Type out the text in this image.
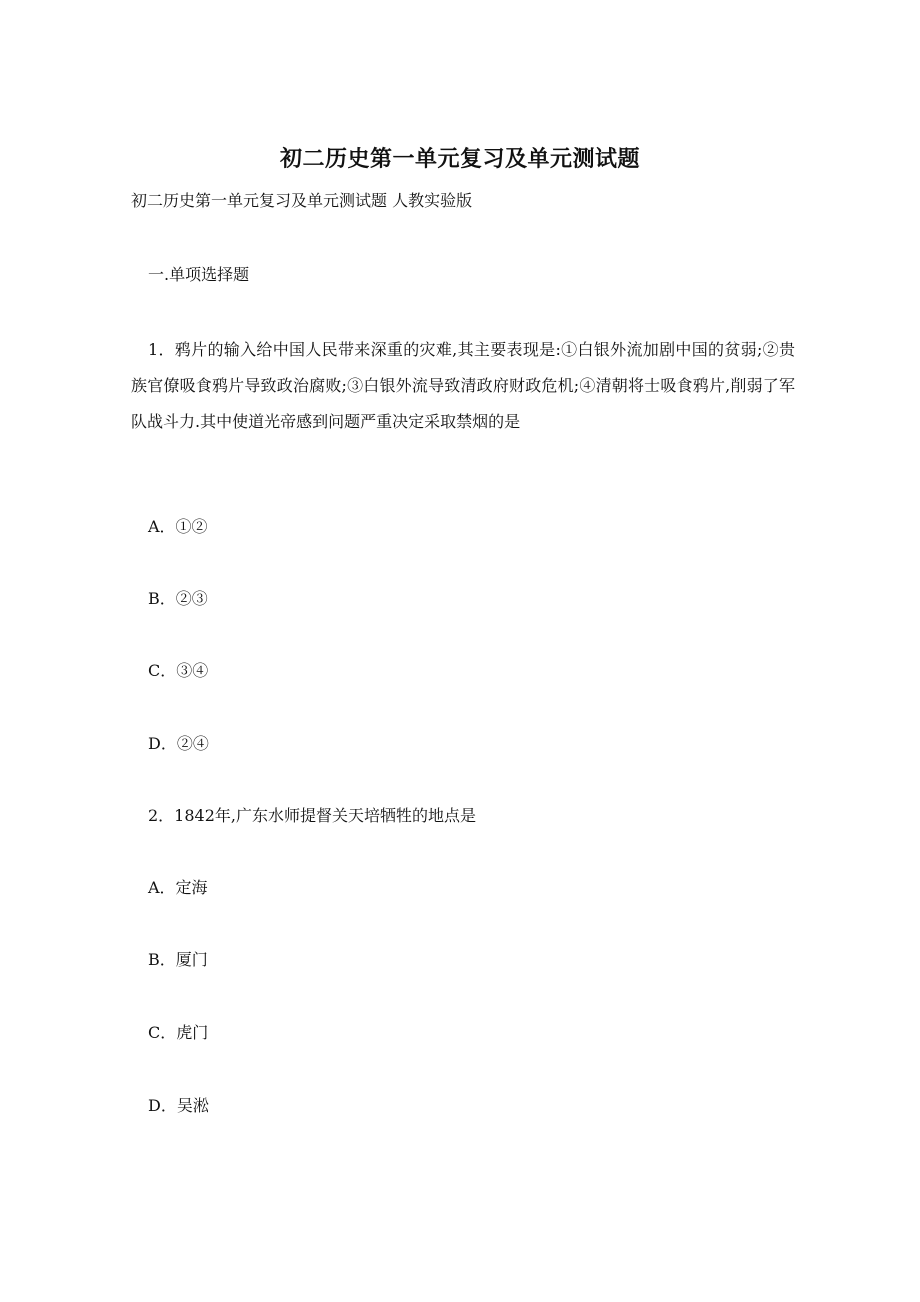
初二历史第一单元复习及单元测试题
初二历史第一单元复习及单元测试题 人教实验版
一.单项选择题
1．鸦片的输入给中国人民带来深重的灾难,其主要表现是:①白银外流加剧中国的贫弱;②贵族官僚吸食鸦片导致政治腐败;③白银外流导致清政府财政危机;④清朝将士吸食鸦片,削弱了军队战斗力.其中使道光帝感到问题严重决定采取禁烟的是
A．①②
B．②③
C．③④
D．②④
2．1842年,广东水师提督关天培牺牲的地点是
A．定海
B．厦门
C．虎门
D．吴淞
